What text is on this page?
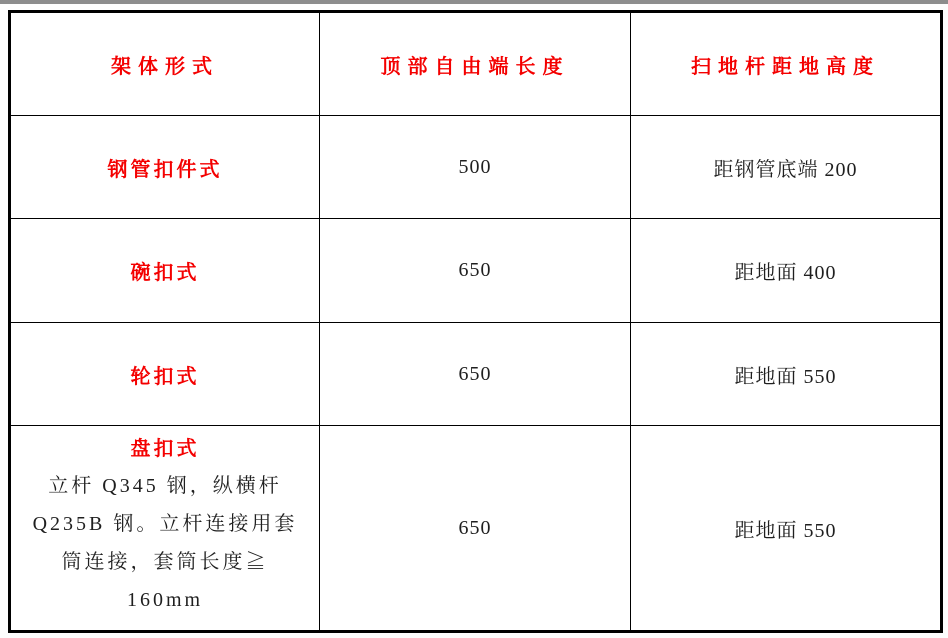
架体形式	顶部自由端长度	扫地杆距地高度
钢管扣件式	500	距钢管底端 200
碗扣式	650	距地面 400
轮扣式	650	距地面 550

盘扣式
立杆 Q345 钢，纵横杆
Q235B 钢。立杆连接用套
筒连接，套筒长度≧
160mm	650	距地面 550
